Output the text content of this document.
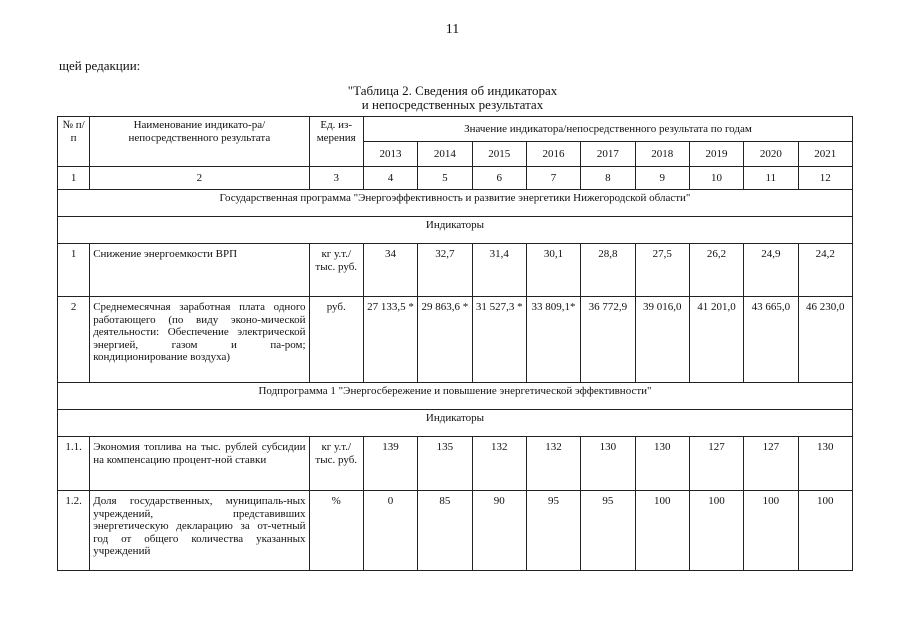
11
щей редакции:
"Таблица 2. Сведения об индикаторах
и непосредственных результатах
№ п/п	Наименование индикато-ра/непосредственного результата	Ед. из-мерения	Значение индикатора/непосредственного результата по годам								
			2013	2014	2015	2016	2017	2018	2019	2020	2021
1	2	3	4	5	6	7	8	9	10	11	12
Государственная программа "Энергоэффективность и развитие энергетики Нижегородской области"											
Индикаторы											
1	Снижение энергоемкости ВРП	кг у.т./ тыс. руб.	34	32,7	31,4	30,1	28,8	27,5	26,2	24,9	24,2
2	Среднемесячная заработная плата одного работающего (по виду эконо-мической деятельности: Обеспечение электрической энергией, газом и па-ром; кондиционирование воздуха)	руб.	27 133,5 *	29 863,6 *	31 527,3 *	33 809,1*	36 772,9	39 016,0	41 201,0	43 665,0	46 230,0
Подпрограмма 1 "Энергосбережение и повышение энергетической эффективности"											
Индикаторы											
1.1.	Экономия топлива на тыс. рублей субсидии на компенсацию процент-ной ставки	кг у.т./тыс. руб.	139	135	132	132	130	130	127	127	130
1.2.	Доля государственных, муниципаль-ных учреждений, представивших энергетическую декларацию за от-четный год от общего количества указанных учреждений	%	0	85	90	95	95	100	100	100	100
